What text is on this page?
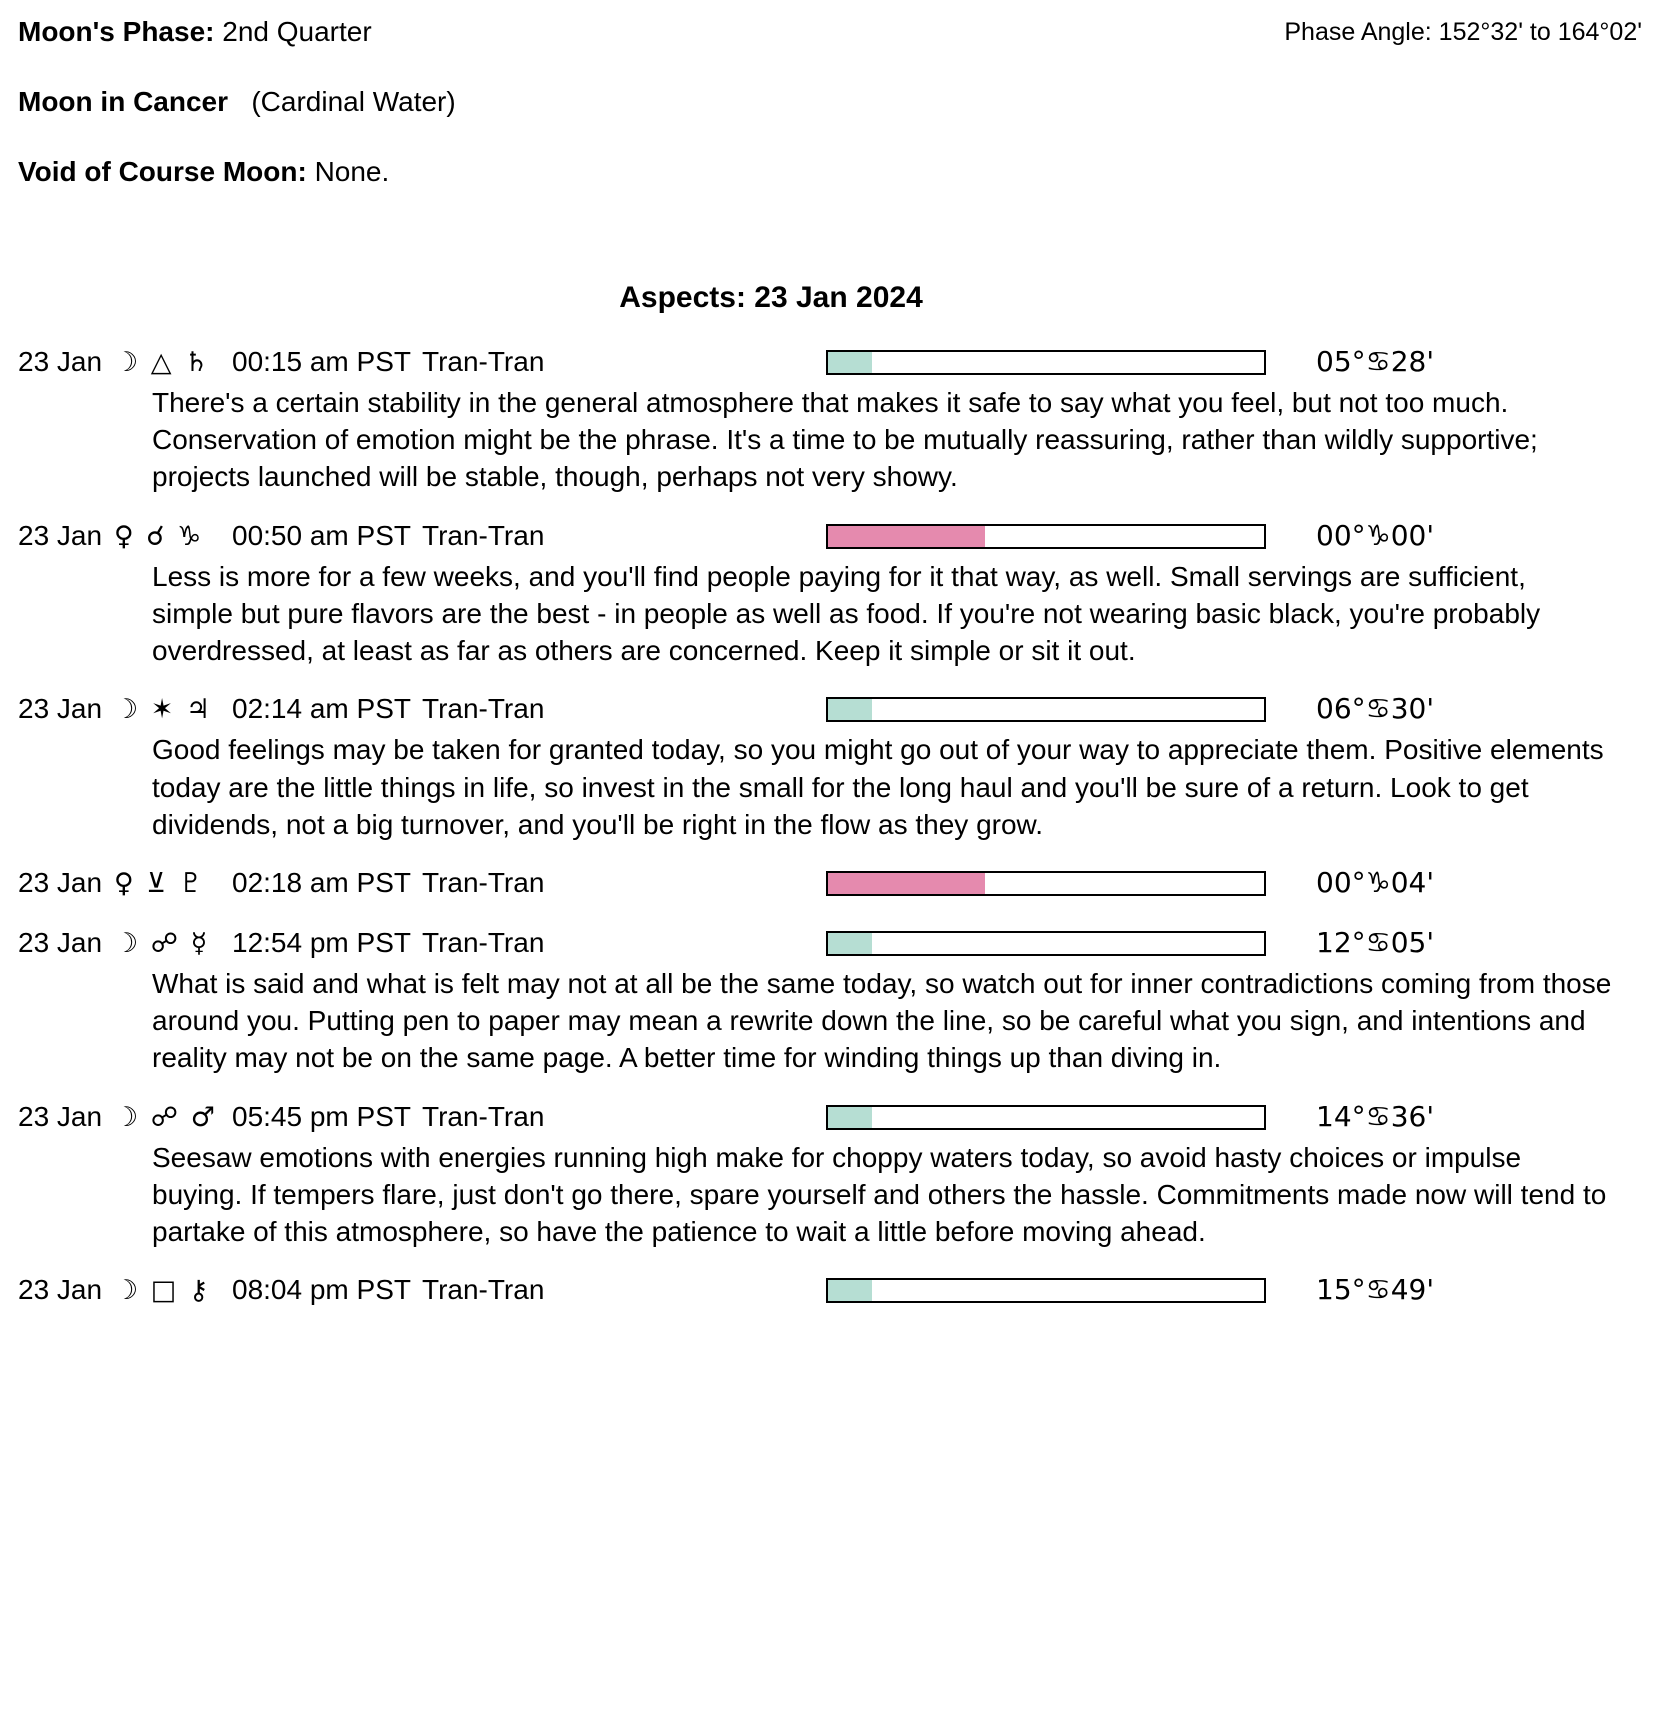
Moon's Phase: 2nd Quarter	Phase Angle: 152°32' to 164°02'
Moon in Cancer (Cardinal Water)
Void of Course Moon: None.
Aspects: 23 Jan 2024
23 Jan ☽ △ ♄ 00:15 am PST Tran-Tran	05°♋28'
There's a certain stability in the general atmosphere that makes it safe to say what you feel, but not too much. Conservation of emotion might be the phrase. It's a time to be mutually reassuring, rather than wildly supportive; projects launched will be stable, though, perhaps not very showy.
23 Jan ♀ ☌ ♑ 00:50 am PST Tran-Tran	00°♑00'
Less is more for a few weeks, and you'll find people paying for it that way, as well. Small servings are sufficient, simple but pure flavors are the best - in people as well as food. If you're not wearing basic black, you're probably overdressed, at least as far as others are concerned. Keep it simple or sit it out.
23 Jan ☽ ✶ ♃ 02:14 am PST Tran-Tran	06°♋30'
Good feelings may be taken for granted today, so you might go out of your way to appreciate them. Positive elements today are the little things in life, so invest in the small for the long haul and you'll be sure of a return. Look to get dividends, not a big turnover, and you'll be right in the flow as they grow.
23 Jan ♀ ⊻ ♇ 02:18 am PST Tran-Tran	00°♑04'
23 Jan ☽ ☍ ☿ 12:54 pm PST Tran-Tran	12°♋05'
What is said and what is felt may not at all be the same today, so watch out for inner contradictions coming from those around you. Putting pen to paper may mean a rewrite down the line, so be careful what you sign, and intentions and reality may not be on the same page. A better time for winding things up than diving in.
23 Jan ☽ ☍ ♂ 05:45 pm PST Tran-Tran	14°♋36'
Seesaw emotions with energies running high make for choppy waters today, so avoid hasty choices or impulse buying. If tempers flare, just don't go there, spare yourself and others the hassle. Commitments made now will tend to partake of this atmosphere, so have the patience to wait a little before moving ahead.
23 Jan ☽ □ ⚷ 08:04 pm PST Tran-Tran	15°♋49'
